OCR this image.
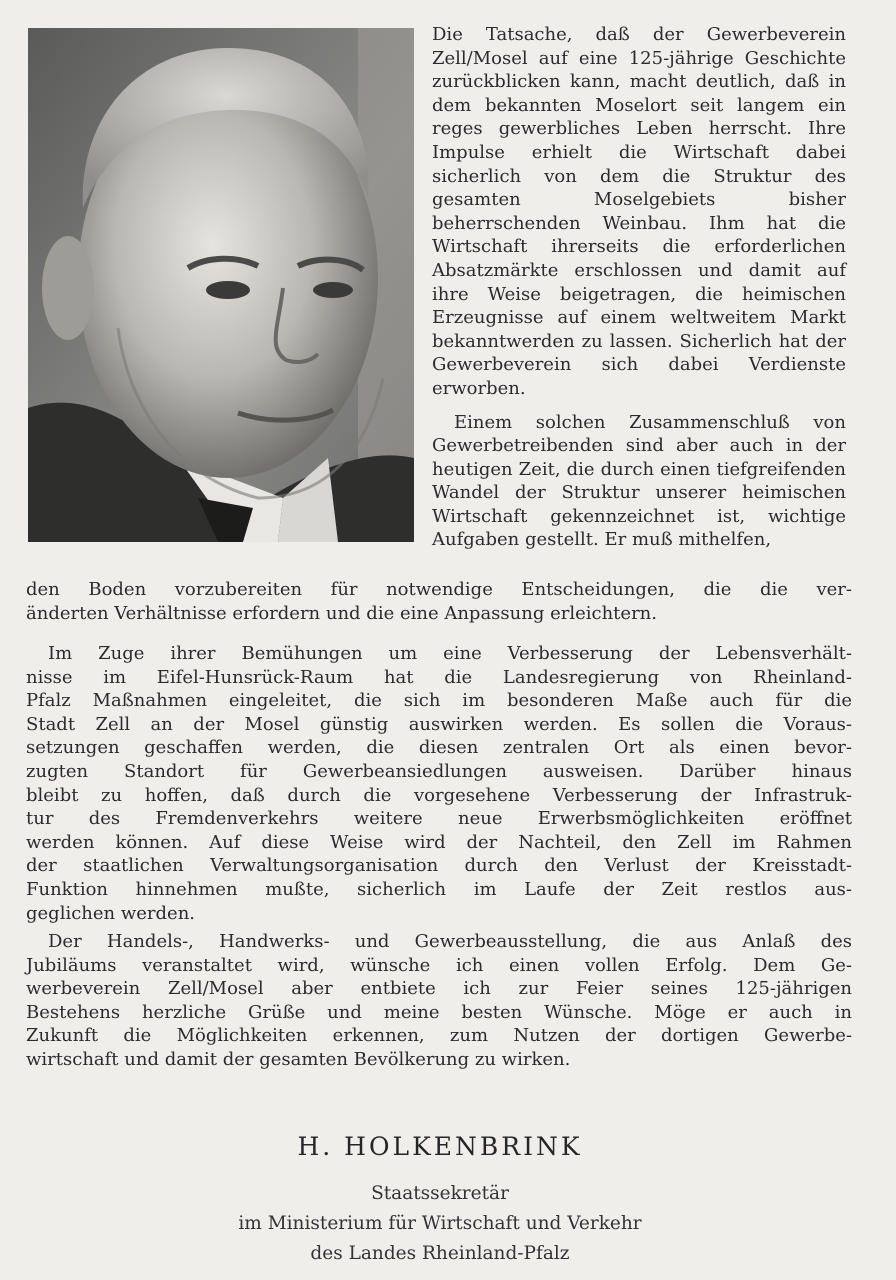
Die Tatsache, daß der Gewerbeverein Zell/Mosel auf eine 125-jährige Geschichte zurückblicken kann, macht deutlich, daß in dem bekannten Moselort seit langem ein reges gewerbliches Leben herrscht. Ihre Impulse erhielt die Wirtschaft dabei sicherlich von dem die Struktur des gesamten Moselgebiets bisher beherrschenden Weinbau. Ihm hat die Wirtschaft ihrerseits die erforderlichen Absatzmärkte erschlossen und damit auf ihre Weise beigetragen, die heimischen Erzeugnisse auf einem weltweitem Markt bekanntwerden zu lassen. Sicherlich hat der Gewerbeverein sich dabei Verdienste erworben.

Einem solchen Zusammenschluß von Gewerbetreibenden sind aber auch in der heutigen Zeit, die durch einen tiefgreifenden Wandel der Struktur unserer heimischen Wirtschaft gekennzeichnet ist, wichtige Aufgaben gestellt. Er muß mithelfen,

den Boden vorzubereiten für notwendige Entscheidungen, die die ver-
änderten Verhältnisse erfordern und die eine Anpassung erleichtern.
Im Zuge ihrer Bemühungen um eine Verbesserung der Lebensverhält-
nisse im Eifel-Hunsrück-Raum hat die Landesregierung von Rheinland-
Pfalz Maßnahmen eingeleitet, die sich im besonderen Maße auch für die
Stadt Zell an der Mosel günstig auswirken werden. Es sollen die Voraus-
setzungen geschaffen werden, die diesen zentralen Ort als einen bevor-
zugten Standort für Gewerbeansiedlungen ausweisen. Darüber hinaus
bleibt zu hoffen, daß durch die vorgesehene Verbesserung der Infrastruk-
tur des Fremdenverkehrs weitere neue Erwerbsmöglichkeiten eröffnet
werden können. Auf diese Weise wird der Nachteil, den Zell im Rahmen
der staatlichen Verwaltungsorganisation durch den Verlust der Kreisstadt-
Funktion hinnehmen mußte, sicherlich im Laufe der Zeit restlos aus-
geglichen werden.
Der Handels-, Handwerks- und Gewerbeausstellung, die aus Anlaß des
Jubiläums veranstaltet wird, wünsche ich einen vollen Erfolg. Dem Ge-
werbeverein Zell/Mosel aber entbiete ich zur Feier seines 125-jährigen
Bestehens herzliche Grüße und meine besten Wünsche. Möge er auch in
Zukunft die Möglichkeiten erkennen, zum Nutzen der dortigen Gewerbe-
wirtschaft und damit der gesamten Bevölkerung zu wirken.

H. HOLKENBRINK

Staatssekretär

im Ministerium für Wirtschaft und Verkehr

des Landes Rheinland-Pfalz
